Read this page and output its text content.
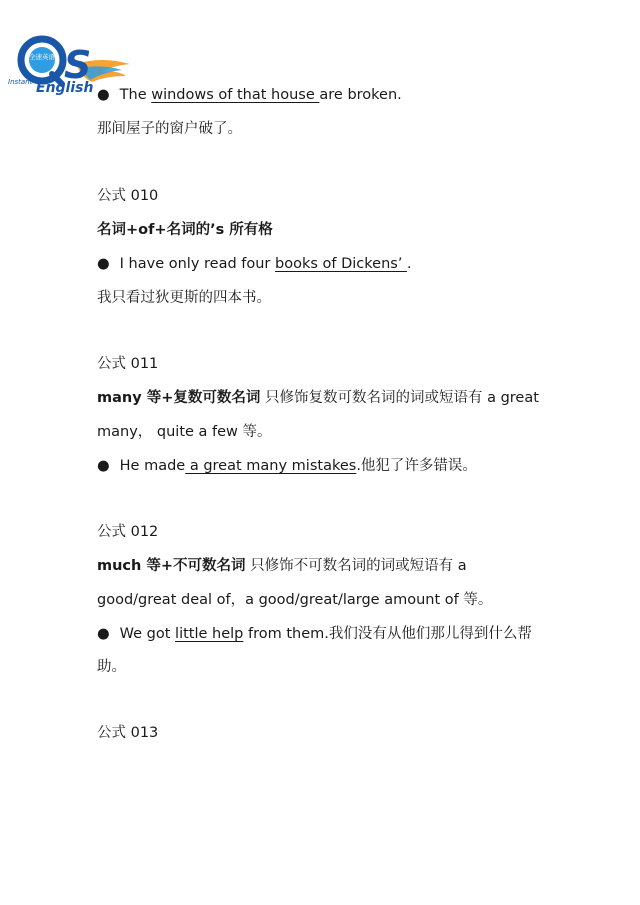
全速英语 S
Instant English ● The windows of that house are broken.
那间屋子的窗户破了。
公式 010
名词+of+名词的’s 所有格
● I have only read four books of Dickens’ .
我只看过狄更斯的四本书。
公式 011
many 等+复数可数名词 只修饰复数可数名词的词或短语有 a great
many， quite a few 等。
● He made a great many mistakes.他犯了许多错误。
公式 012
much 等+不可数名词 只修饰不可数名词的词或短语有 a
good/great deal of，a good/great/large amount of 等。
● We got little help from them.我们没有从他们那儿得到什么帮
助。
公式 013
